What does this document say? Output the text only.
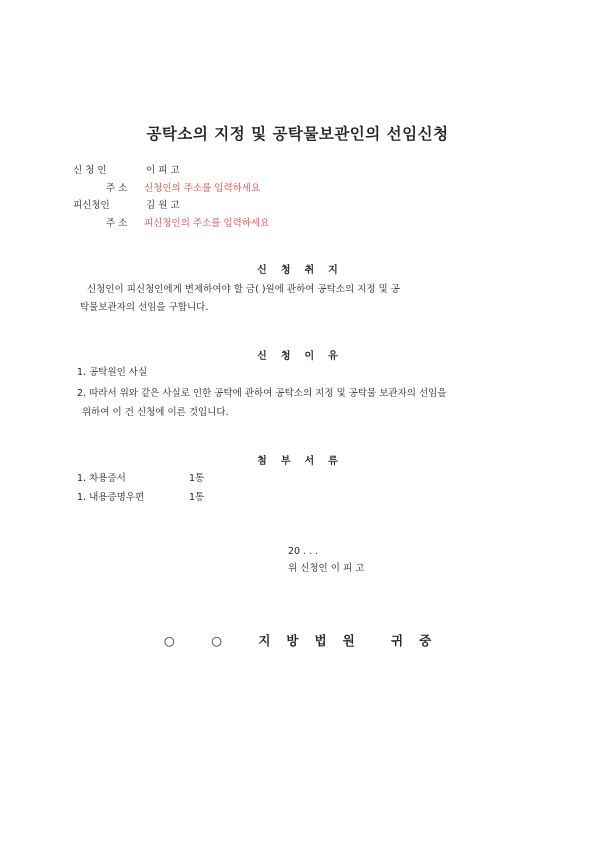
공탁소의 지정 및 공탁물보관인의 선임신청
신 청 인	이 피 고
주 소 신청인의 주소를 입력하세요
피신청인	김 원 고
주 소 피신청인의 주소를 입력하세요
신청취지
신청인이 피신청인에게 변제하여야 할 금( )원에 관하여 공탁소의 지정 및 공
탁물보관자의 선임을 구합니다.
신청이유
1. 공탁원인 사실
2. 따라서 위와 같은 사실로 인한 공탁에 관하여 공탁소의 지정 및 공탁물 보관자의 선임을
위하여 이 건 신청에 이른 것입니다.
첨부서류
1. 차용증서	1통
1. 내용증명우편	1통
20 . . .
위 신청인 이 피 고
○ ○ 지방법원 귀중
